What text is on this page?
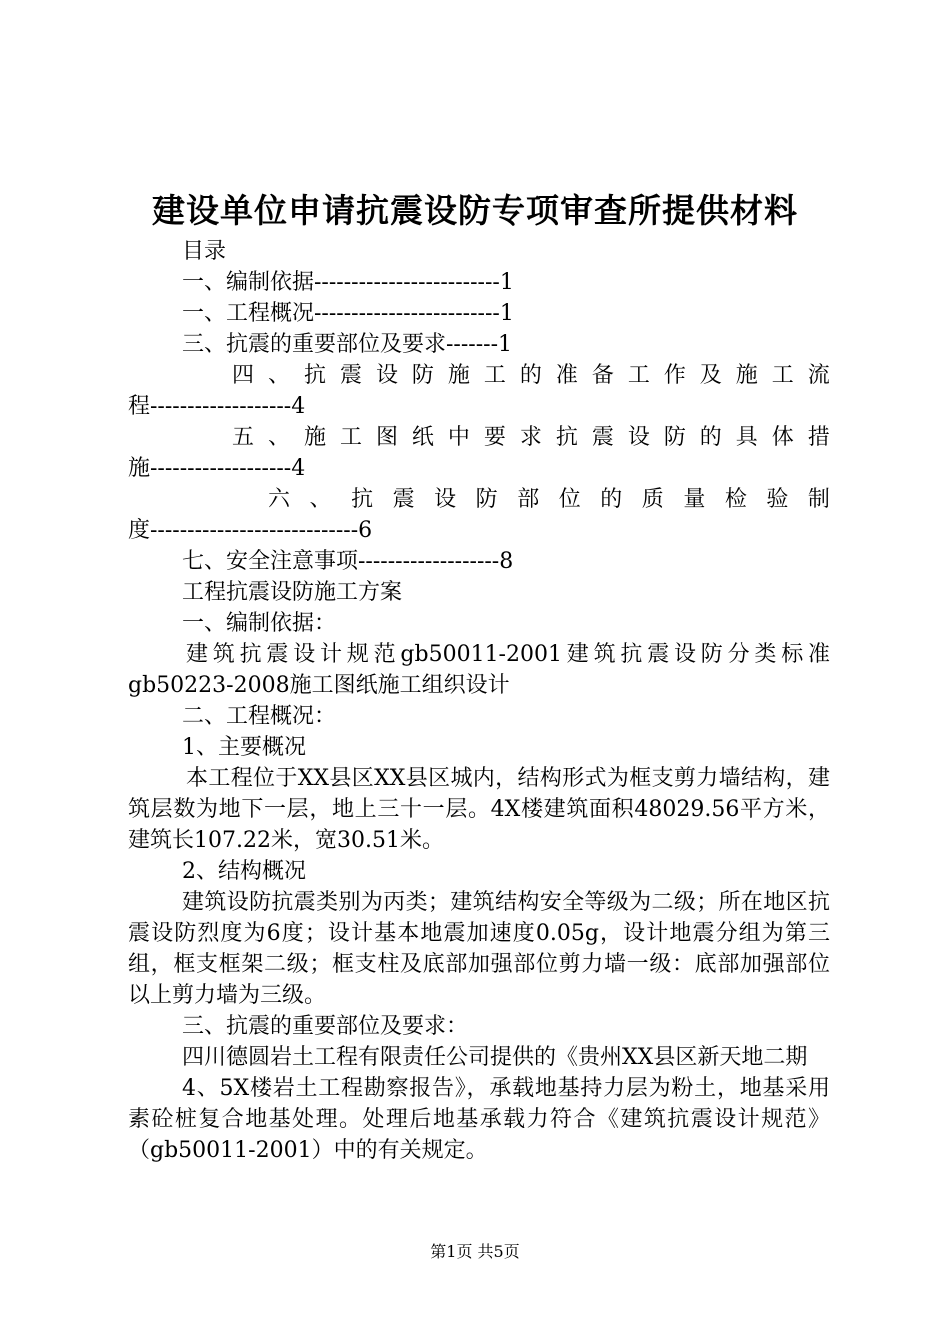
建设单位申请抗震设防专项审查所提供材料
目录
一、编制依据-------------------------1
一、工程概况-------------------------1
三、抗震的重要部位及要求-------1
四 、 抗 震 设 防 施 工 的 准 备 工 作 及 施 工 流
程-------------------4
五 、 施 工 图 纸 中 要 求 抗 震 设 防 的 具 体 措
施-------------------4
六 、 抗 震 设 防 部 位 的 质 量 检 验 制
度----------------------------6
七、安全注意事项-------------------8
工程抗震设防施工方案
一、编制依据：

建筑抗震设计规范gb50011-2001建筑抗震设防分类标准gb50223-2008施工图纸施工组织设计

二、工程概况：
1、主要概况

本工程位于XX县区XX县区城内，结构形式为框支剪力墙结构，建筑层数为地下一层，地上三十一层。4X楼建筑面积48029.56平方米，建筑长107.22米，宽30.51米。

2、结构概况

建筑设防抗震类别为丙类；建筑结构安全等级为二级；所在地区抗震设防烈度为6度；设计基本地震加速度0.05g，设计地震分组为第三组，框支框架二级；框支柱及底部加强部位剪力墙一级：底部加强部位以上剪力墙为三级。

三、抗震的重要部位及要求：

四川德圆岩土工程有限责任公司提供的《贵州XX县区新天地二期

4、5X楼岩土工程勘察报告》，承载地基持力层为粉土，地基采用素砼桩复合地基处理。处理后地基承载力符合《建筑抗震设计规范》（gb50011-2001）中的有关规定。

第1页 共5页
